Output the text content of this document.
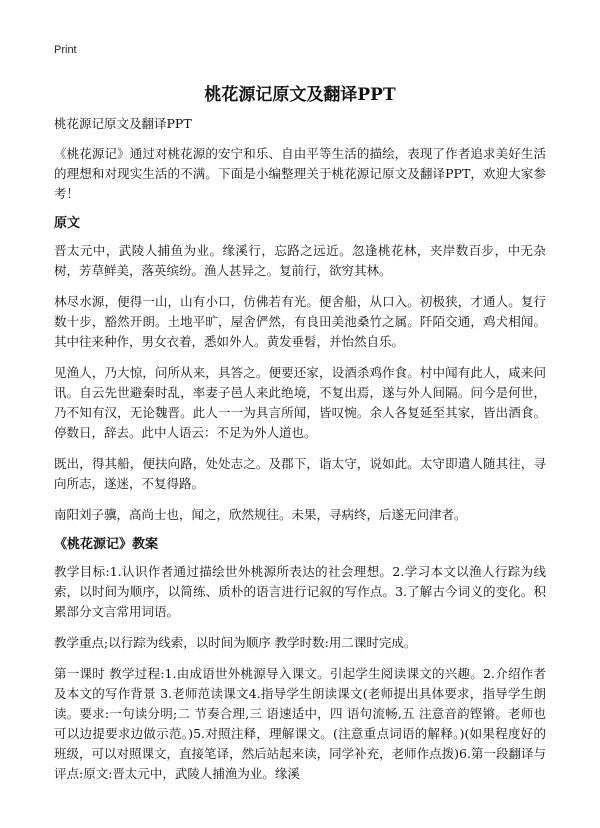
Print
桃花源记原文及翻译PPT

桃花源记原文及翻译PPT

《桃花源记》通过对桃花源的安宁和乐、自由平等生活的描绘，表现了作者追求美好生活的理想和对现实生活的不满。下面是小编整理关于桃花源记原文及翻译PPT，欢迎大家参考！

原文

晋太元中，武陵人捕鱼为业。缘溪行，忘路之远近。忽逢桃花林，夹岸数百步，中无杂树，芳草鲜美，落英缤纷。渔人甚异之。复前行，欲穷其林。

林尽水源，便得一山，山有小口，仿佛若有光。便舍船，从口入。初极狭，才通人。复行数十步，豁然开朗。土地平旷，屋舍俨然，有良田美池桑竹之属。阡陌交通，鸡犬相闻。其中往来种作，男女衣着，悉如外人。黄发垂髫，并怡然自乐。

见渔人，乃大惊，问所从来，具答之。便要还家，设酒杀鸡作食。村中闻有此人，咸来问讯。自云先世避秦时乱，率妻子邑人来此绝境，不复出焉，遂与外人间隔。问今是何世，乃不知有汉，无论魏晋。此人一一为具言所闻，皆叹惋。余人各复延至其家，皆出酒食。停数日，辞去。此中人语云：不足为外人道也。

既出，得其船，便扶向路，处处志之。及郡下，诣太守，说如此。太守即遣人随其往，寻向所志，遂迷，不复得路。

南阳刘子骥，高尚士也，闻之，欣然规往。未果，寻病终，后遂无问津者。

《桃花源记》教案

教学目标:1.认识作者通过描绘世外桃源所表达的社会理想。2.学习本文以渔人行踪为线索，以时间为顺序，以简练、质朴的语言进行记叙的写作点。3.了解古今词义的变化。积累部分文言常用词语。

教学重点;以行踪为线索，以时间为顺序 教学时数:用二课时完成。

第一课时 教学过程:1.由成语世外桃源导入课文。引起学生阅读课文的兴趣。2.介绍作者及本文的写作背景 3.老师范读课文4.指导学生朗读课文(老师提出具体要求，指导学生朗读。要求:一句读分明;二 节奏合理,三 语速适中，四 语句流畅,五 注意音韵铿锵。老师也可以边提要求边做示范。)5.对照注释，理解课文。(注意重点词语的解释。)(如果程度好的班级，可以对照课文，直接笔译，然后站起来读，同学补充，老师作点拨)6.第一段翻译与评点:原文:晋太元中，武陵人捕渔为业。缘溪
